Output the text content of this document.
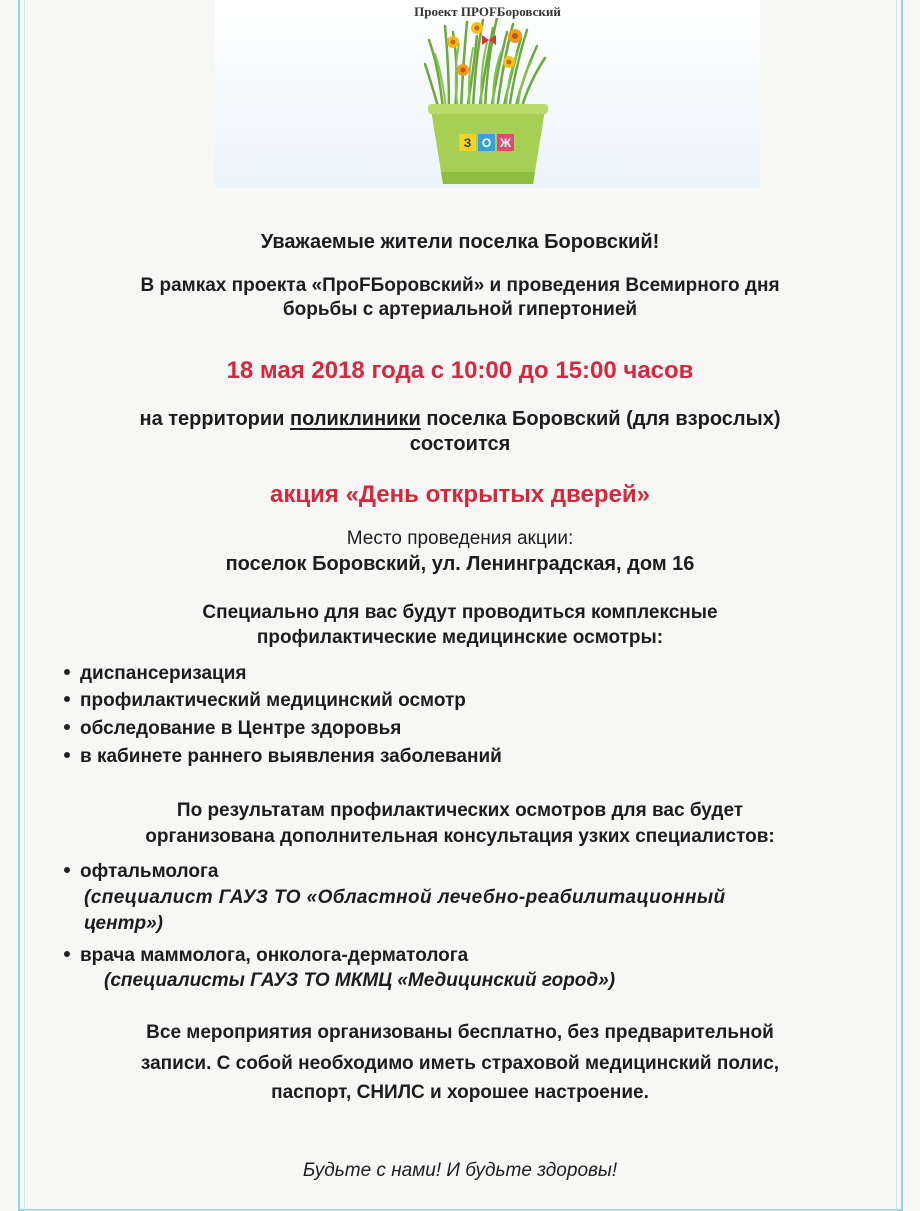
Проект ПРОFБоровский
З О Ж
Уважаемые жители поселка Боровский!
В рамках проекта «ПроFБоровский» и проведения Всемирного дня
борьбы с артериальной гипертонией
18 мая 2018 года с 10:00 до 15:00 часов
на территории поликлиники поселка Боровский (для взрослых)
состоится
акция «День открытых дверей»
Место проведения акции:
поселок Боровский, ул. Ленинградская, дом 16
Специально для вас будут проводиться комплексные
профилактические медицинские осмотры:
диспансеризация
профилактический медицинский осмотр
обследование в Центре здоровья
в кабинете раннего выявления заболеваний
По результатам профилактических осмотров для вас будет
организована дополнительная консультация узких специалистов:
офтальмолога
(специалист ГАУЗ ТО «Областной лечебно-реабилитационный
центр»)
врача маммолога, онколога-дерматолога
(специалисты ГАУЗ ТО МКМЦ «Медицинский город»)
Все мероприятия организованы бесплатно, без предварительной
записи. С собой необходимо иметь страховой медицинский полис,
паспорт, СНИЛС и хорошее настроение.
Будьте с нами! И будьте здоровы!
